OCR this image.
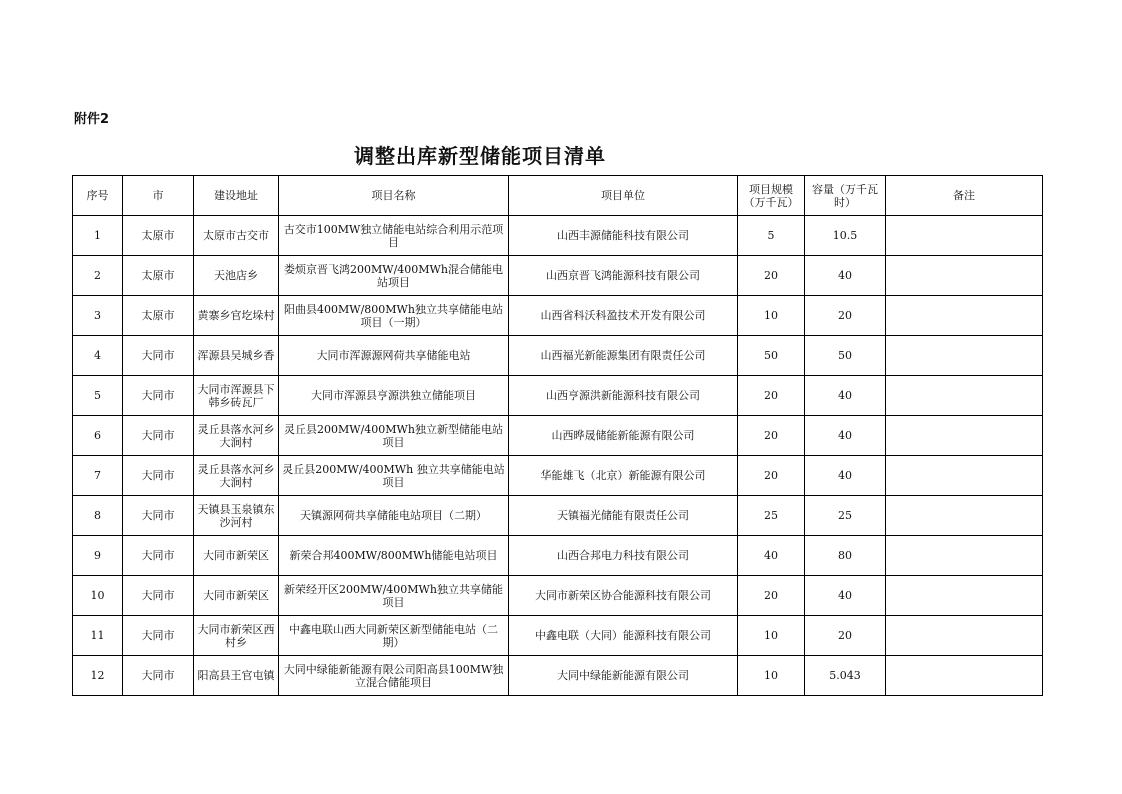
附件2
调整出库新型储能项目清单
序号	市	建设地址	项目名称	项目单位	项目规模（万千瓦）	容量（万千瓦时）	备注
1	太原市	太原市古交市	古交市100MW独立储能电站综合利用示范项目	山西丰源储能科技有限公司	5	10.5	
2	太原市	天池店乡	娄烦京晋飞鸿200MW/400MWh混合储能电站项目	山西京晋飞鸿能源科技有限公司	20	40	
3	太原市	黄寨乡官圪垛村	阳曲县400MW/800MWh独立共享储能电站项目（一期）	山西省科沃科盈技术开发有限公司	10	20	
4	大同市	浑源县吴城乡香	大同市浑源源网荷共享储能电站	山西福光新能源集团有限责任公司	50	50	
5	大同市	大同市浑源县下韩乡砖瓦厂	大同市浑源县亨源洪独立储能项目	山西亨源洪新能源科技有限公司	20	40	
6	大同市	灵丘县落水河乡大涧村	灵丘县200MW/400MWh独立新型储能电站项目	山西晔晟储能新能源有限公司	20	40	
7	大同市	灵丘县落水河乡大涧村	灵丘县200MW/400MWh 独立共享储能电站项目	华能雄飞（北京）新能源有限公司	20	40	
8	大同市	天镇县玉泉镇东沙河村	天镇源网荷共享储能电站项目（二期）	天镇福光储能有限责任公司	25	25	
9	大同市	大同市新荣区	新荣合邦400MW/800MWh储能电站项目	山西合邦电力科技有限公司	40	80	
10	大同市	大同市新荣区	新荣经开区200MW/400MWh独立共享储能项目	大同市新荣区协合能源科技有限公司	20	40	
11	大同市	大同市新荣区西村乡	中鑫电联山西大同新荣区新型储能电站（二期）	中鑫电联（大同）能源科技有限公司	10	20	
12	大同市	阳高县王官屯镇	大同中绿能新能源有限公司阳高县100MW独立混合储能项目	大同中绿能新能源有限公司	10	5.043	
